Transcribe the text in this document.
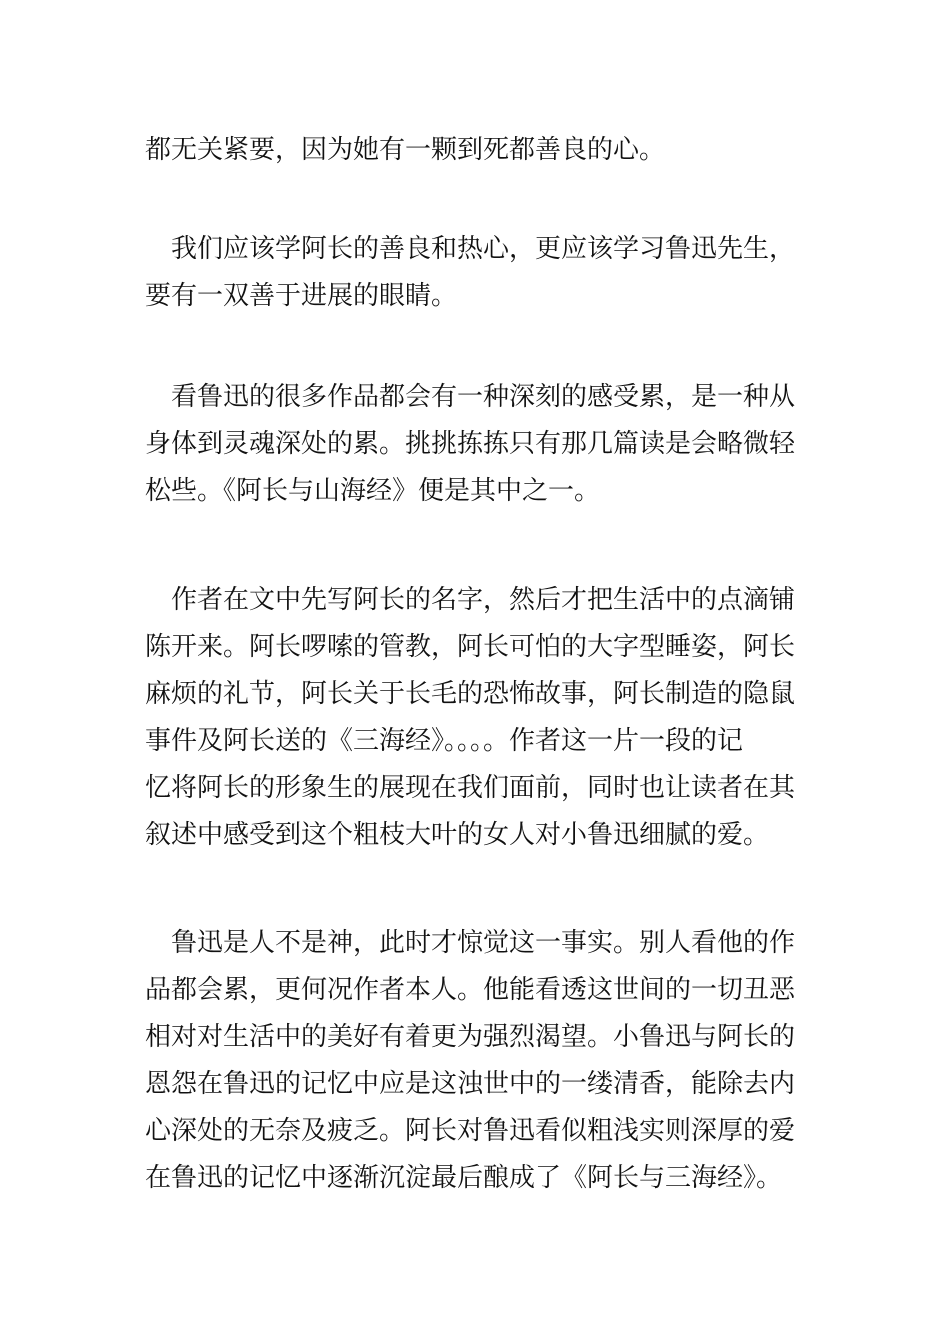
都无关紧要，因为她有一颗到死都善良的心。
　我们应该学阿长的善良和热心，更应该学习鲁迅先生，
要有一双善于进展的眼睛。
　看鲁迅的很多作品都会有一种深刻的感受累，是一种从
身体到灵魂深处的累。挑挑拣拣只有那几篇读是会略微轻
松些。《阿长与山海经》便是其中之一。
　作者在文中先写阿长的名字，然后才把生活中的点滴铺
陈开来。阿长啰嗦的管教，阿长可怕的大字型睡姿，阿长
麻烦的礼节，阿长关于长毛的恐怖故事，阿长制造的隐鼠
事件及阿长送的《三海经》。。。。作者这一片一段的记
忆将阿长的形象生的展现在我们面前，同时也让读者在其
叙述中感受到这个粗枝大叶的女人对小鲁迅细腻的爱。
　鲁迅是人不是神，此时才惊觉这一事实。别人看他的作
品都会累，更何况作者本人。他能看透这世间的一切丑恶
相对对生活中的美好有着更为强烈渴望。小鲁迅与阿长的
恩怨在鲁迅的记忆中应是这浊世中的一缕清香，能除去内
心深处的无奈及疲乏。阿长对鲁迅看似粗浅实则深厚的爱
在鲁迅的记忆中逐渐沉淀最后酿成了《阿长与三海经》。
